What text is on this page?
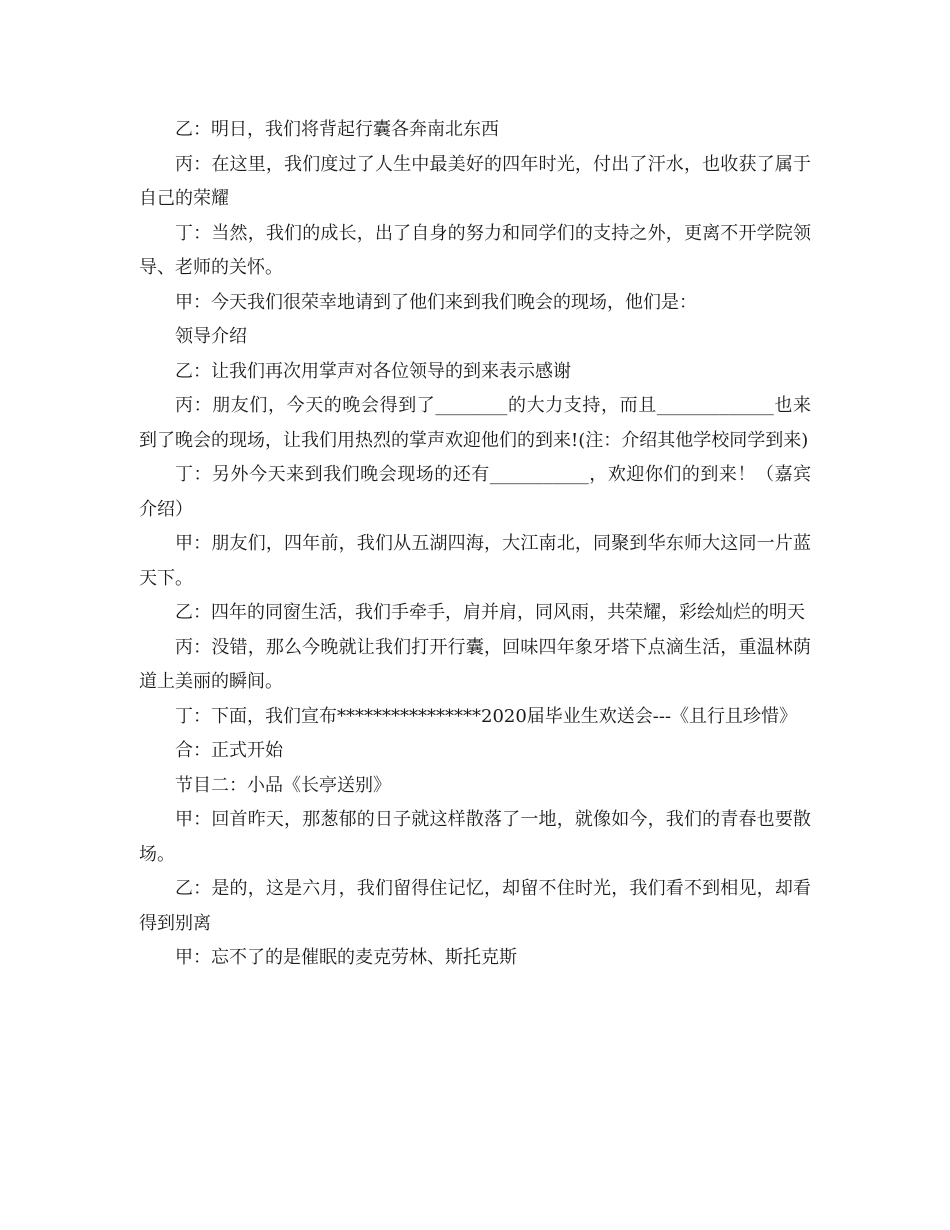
乙：明日，我们将背起行囊各奔南北东西

丙：在这里，我们度过了人生中最美好的四年时光，付出了汗水，也收获了属于自己的荣耀

丁：当然，我们的成长，出了自身的努力和同学们的支持之外，更离不开学院领导、老师的关怀。

甲：今天我们很荣幸地请到了他们来到我们晚会的现场，他们是：

领导介绍

乙：让我们再次用掌声对各位领导的到来表示感谢

丙：朋友们，今天的晚会得到了________的大力支持，而且_____________也来到了晚会的现场，让我们用热烈的掌声欢迎他们的到来!(注：介绍其他学校同学到来)

丁：另外今天来到我们晚会现场的还有___________，欢迎你们的到来！（嘉宾介绍）

甲：朋友们，四年前，我们从五湖四海，大江南北，同聚到华东师大这同一片蓝天下。

乙：四年的同窗生活，我们手牵手，肩并肩，同风雨，共荣耀，彩绘灿烂的明天

丙：没错，那么今晚就让我们打开行囊，回味四年象牙塔下点滴生活，重温林荫道上美丽的瞬间。

丁：下面，我们宣布****************2020届毕业生欢送会---《且行且珍惜》

合：正式开始

节目二：小品《长亭送别》

甲：回首昨天，那葱郁的日子就这样散落了一地，就像如今，我们的青春也要散场。

乙：是的，这是六月，我们留得住记忆，却留不住时光，我们看不到相见，却看得到别离

甲：忘不了的是催眠的麦克劳林、斯托克斯
